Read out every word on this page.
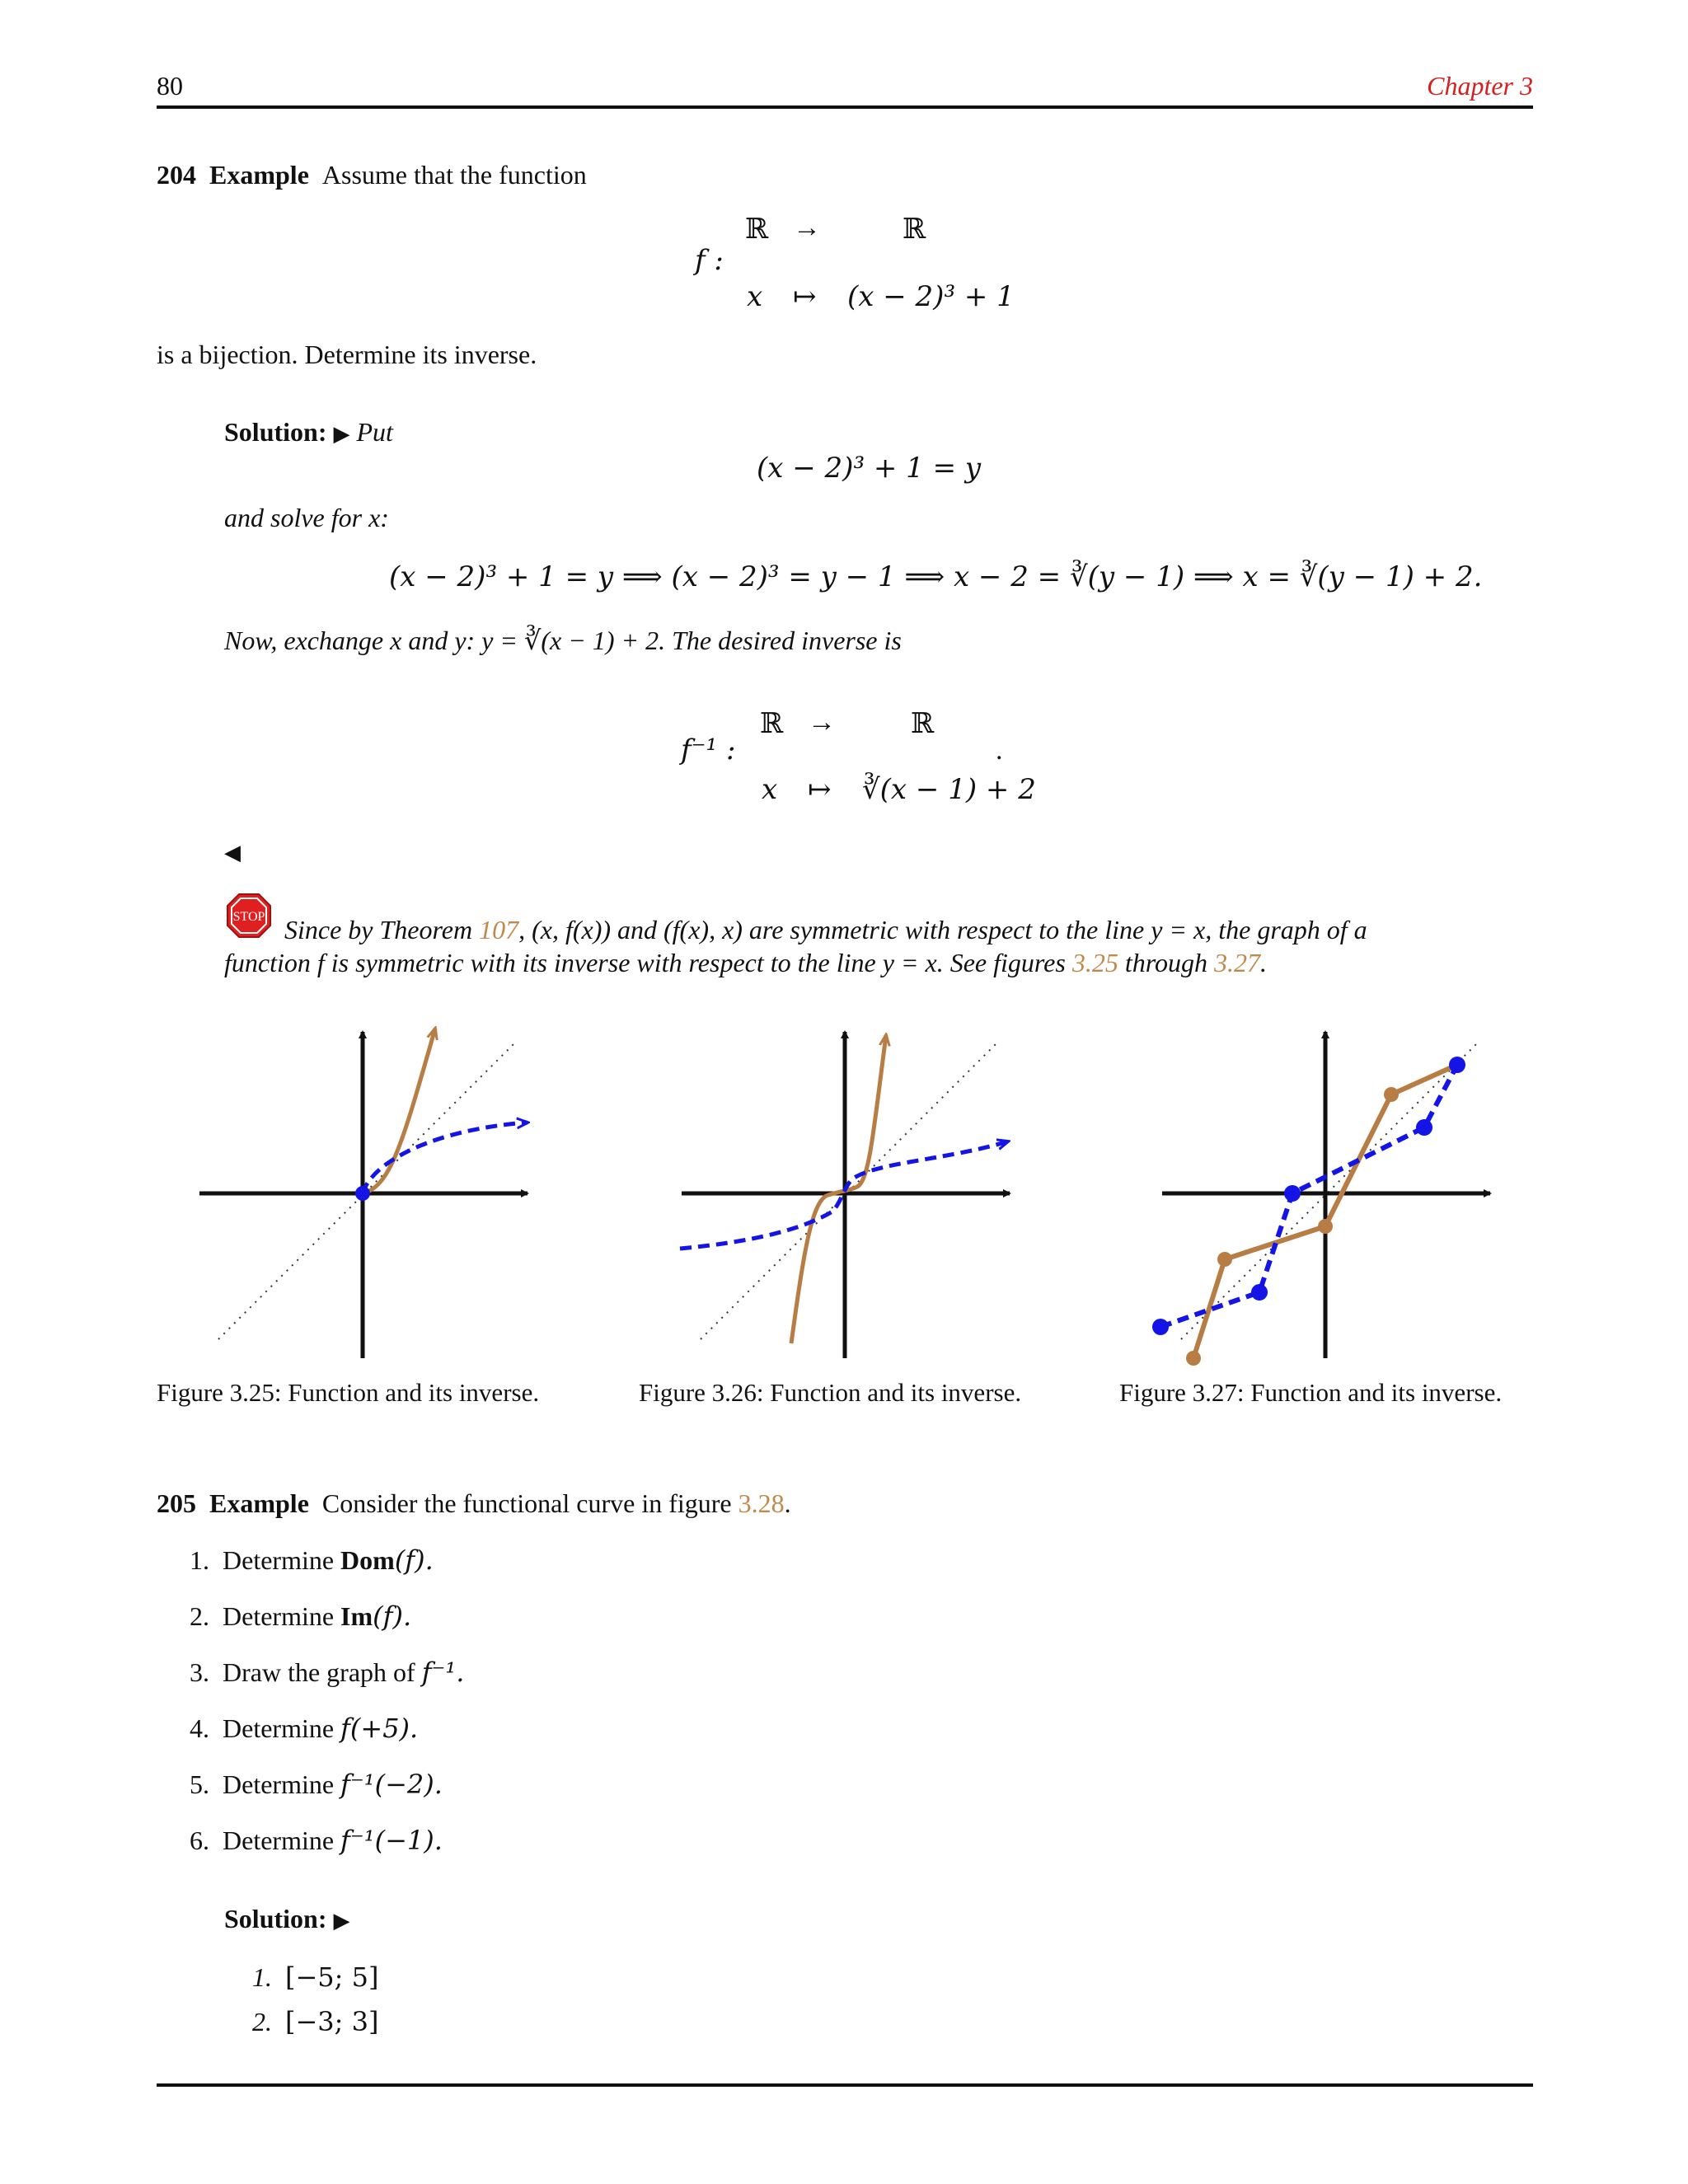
80	Chapter 3
204 Example Assume that the function
f :
ℝ →	ℝ
x ↦ (x − 2)³ + 1
is a bijection. Determine its inverse.
Solution: ▶ Put
(x − 2)³ + 1 = y
and solve for x:
(x − 2)³ + 1 = y ⟹ (x − 2)³ = y − 1 ⟹ x − 2 = ∛(y − 1) ⟹ x = ∛(y − 1) + 2.
Now, exchange x and y: y = ∛(x − 1) + 2. The desired inverse is
f⁻¹ :
ℝ →	ℝ
x ↦ ∛(x − 1) + 2
.
◀
STOP Since by Theorem 107, (x, f(x)) and (f(x), x) are symmetric with respect to the line y = x, the graph of a
function f is symmetric with its inverse with respect to the line y = x. See figures 3.25 through 3.27.
Figure 3.25: Function and its inverse.	Figure 3.26: Function and its inverse.	Figure 3.27: Function and its inverse.
205 Example Consider the functional curve in figure 3.28.
1. Determine Dom(f).
2. Determine Im(f).
3. Draw the graph of f⁻¹.
4. Determine f(+5).
5. Determine f⁻¹(−2).
6. Determine f⁻¹(−1).
Solution: ▶
1. [−5; 5]
2. [−3; 3]
